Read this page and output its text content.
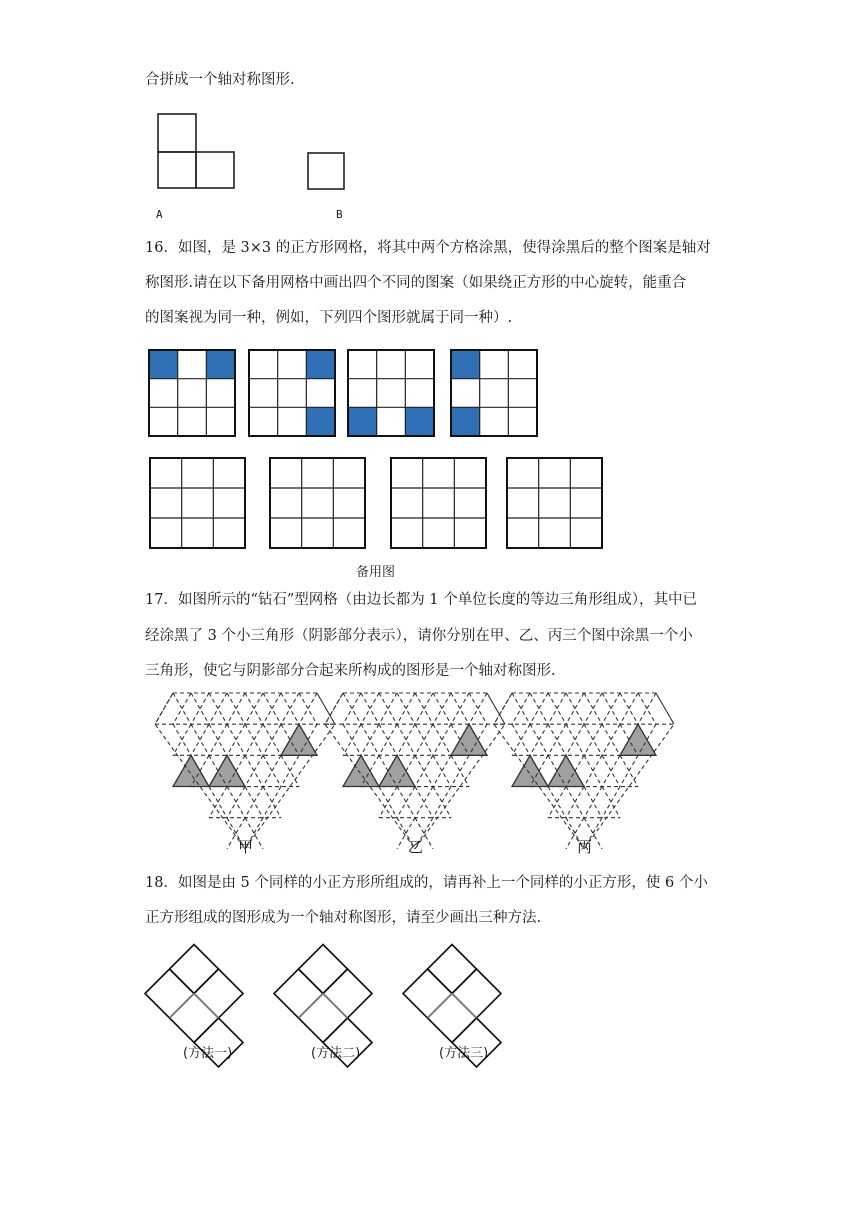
合拼成一个轴对称图形.
A	B
16．如图，是 3×3 的正方形网格，将其中两个方格涂黑，使得涂黑后的整个图案是轴对
称图形.请在以下备用网格中画出四个不同的图案（如果绕正方形的中心旋转，能重合
的图案视为同一种，例如，下列四个图形就属于同一种）.
备用图
17．如图所示的“钻石”型网格（由边长都为 1 个单位长度的等边三角形组成），其中已
经涂黑了 3 个小三角形（阴影部分表示），请你分别在甲、乙、丙三个图中涂黑一个小
三角形，使它与阴影部分合起来所构成的图形是一个轴对称图形.
甲	乙	丙
18．如图是由 5 个同样的小正方形所组成的，请再补上一个同样的小正方形，使 6 个小
正方形组成的图形成为一个轴对称图形，请至少画出三种方法.
(方法一)	(方法二)	(方法三)
